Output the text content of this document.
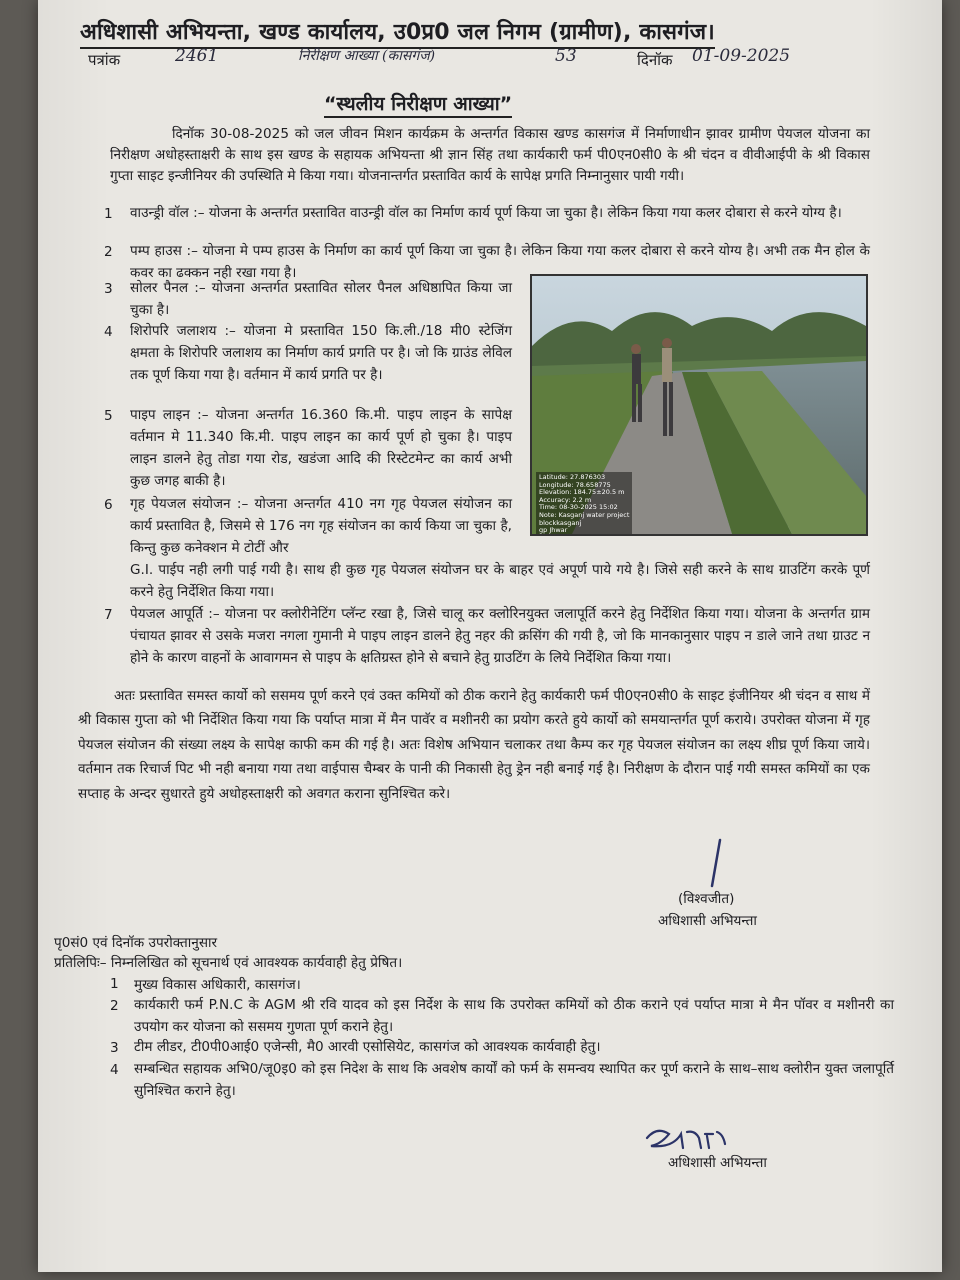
अधिशासी अभियन्ता, खण्ड कार्यालय, उ0प्र0 जल निगम (ग्रामीण), कासगंज।
पत्रांक	2461	निरीक्षण आख्या (कासगंज)	53	दिनॉक 01-09-2025
“स्थलीय निरीक्षण आख्या”
दिनॉक 30-08-2025 को जल जीवन मिशन कार्यक्रम के अन्तर्गत विकास खण्ड कासगंज में निर्माणाधीन झावर ग्रामीण पेयजल योजना का निरीक्षण अधोहस्ताक्षरी के साथ इस खण्ड के सहायक अभियन्ता श्री ज्ञान सिंह तथा कार्यकारी फर्म पी0एन0सी0 के श्री चंदन व वीवीआईपी के श्री विकास गुप्ता साइट इन्जीनियर की उपस्थिति मे किया गया। योजनान्तर्गत प्रस्तावित कार्य के सापेक्ष प्रगति निम्नानुसार पायी गयी।
1 वाउन्ड्री वॉल :– योजना के अन्तर्गत प्रस्तावित वाउन्ड्री वॉल का निर्माण कार्य पूर्ण किया जा चुका है। लेकिन किया गया कलर दोबारा से करने योग्य है।
2 पम्प हाउस :– योजना मे पम्प हाउस के निर्माण का कार्य पूर्ण किया जा चुका है। लेकिन किया गया कलर दोबारा से करने योग्य है। अभी तक मैन होल के कवर का ढक्कन नही रखा गया है।
3 सोलर पैनल :– योजना अन्तर्गत प्रस्तावित सोलर पैनल अधिष्ठापित किया जा चुका है।
4 शिरोपरि जलाशय :– योजना मे प्रस्तावित 150 कि.ली./18 मी0 स्टेजिंग क्षमता के शिरोपरि जलाशय का निर्माण कार्य प्रगति पर है। जो कि ग्राउंड लेविल तक पूर्ण किया गया है। वर्तमान में कार्य प्रगति पर है।
5 पाइप लाइन :– योजना अन्तर्गत 16.360 कि.मी. पाइप लाइन के सापेक्ष वर्तमान मे 11.340 कि.मी. पाइप लाइन का कार्य पूर्ण हो चुका है। पाइप लाइन डालने हेतु तोडा गया रोड, खडंजा आदि की रिस्टेटमेन्ट का कार्य अभी कुछ जगह बाकी है।
6 गृह पेयजल संयोजन :– योजना अन्तर्गत 410 नग गृह पेयजल संयोजन का कार्य प्रस्तावित है, जिसमे से 176 नग गृह संयोजन का कार्य किया जा चुका है, किन्तु कुछ कनेक्शन मे टोटीं और
G.I. पाईप नही लगी पाई गयी है। साथ ही कुछ गृह पेयजल संयोजन घर के बाहर एवं अपूर्ण पाये गये है। जिसे सही करने के साथ ग्राउटिंग करके पूर्ण करने हेतु निर्देशित किया गया।
7 पेयजल आपूर्ति :– योजना पर क्लोरीनेटिंग प्लॅन्ट रखा है, जिसे चालू कर क्लोरिनयुक्त जलापूर्ति करने हेतु निर्देशित किया गया। योजना के अन्तर्गत ग्राम पंचायत झावर से उसके मजरा नगला गुमानी मे पाइप लाइन डालने हेतु नहर की क्रसिंग की गयी है, जो कि मानकानुसार पाइप न डाले जाने तथा ग्राउट न होने के कारण वाहनों के आवागमन से पाइप के क्षतिग्रस्त होने से बचाने हेतु ग्राउटिंग के लिये निर्देशित किया गया।
Latitude: 27.876303
Longitude: 78.658775
Elevation: 184.75±20.5 m
Accuracy: 2.2 m
Time: 08-30-2025 15:02
Note: Kasganj water project
blockkasganj
gp Jhwar
अतः प्रस्तावित समस्त कार्यो को ससमय पूर्ण करने एवं उक्त कमियों को ठीक कराने हेतु कार्यकारी फर्म पी0एन0सी0 के साइट इंजीनियर श्री चंदन व साथ में श्री विकास गुप्ता को भी निर्देशित किया गया कि पर्याप्त मात्रा में मैन पावॅर व मशीनरी का प्रयोग करते हुये कार्यो को समयान्तर्गत पूर्ण कराये। उपरोक्त योजना में गृह पेयजल संयोजन की संख्या लक्ष्य के सापेक्ष काफी कम की गई है। अतः विशेष अभियान चलाकर तथा कैम्प कर गृह पेयजल संयोजन का लक्ष्य शीघ्र पूर्ण किया जाये। वर्तमान तक रिचार्ज पिट भी नही बनाया गया तथा वाईपास चैम्बर के पानी की निकासी हेतु ड्रेन नही बनाई गई है। निरीक्षण के दौरान पाई गयी समस्त कमियों का एक सप्ताह के अन्दर सुधारते हुये अधोहस्ताक्षरी को अवगत कराना सुनिश्चित करे।
(विश्वजीत)
अधिशासी अभियन्ता
पृ0सं0 एवं दिनॉक उपरोक्तानुसार
प्रतिलिपिः– निम्नलिखित को सूचनार्थ एवं आवश्यक कार्यवाही हेतु प्रेषित।
1 मुख्य विकास अधिकारी, कासगंज।
2 कार्यकारी फर्म P.N.C के AGM श्री रवि यादव को इस निर्देश के साथ कि उपरोक्त कमियों को ठीक कराने एवं पर्याप्त मात्रा मे मैन पॉवर व मशीनरी का उपयोग कर योजना को ससमय गुणता पूर्ण कराने हेतु।
3 टीम लीडर, टी0पी0आई0 एजेन्सी, मै0 आरवी एसोसियेट, कासगंज को आवश्यक कार्यवाही हेतु।
4 सम्बन्धित सहायक अभि0/जू0इ0 को इस निदेश के साथ कि अवशेष कार्यों को फर्म के समन्वय स्थापित कर पूर्ण कराने के साथ–साथ क्लोरीन युक्त जलापूर्ति सुनिश्चित कराने हेतु।
अधिशासी अभियन्ता
